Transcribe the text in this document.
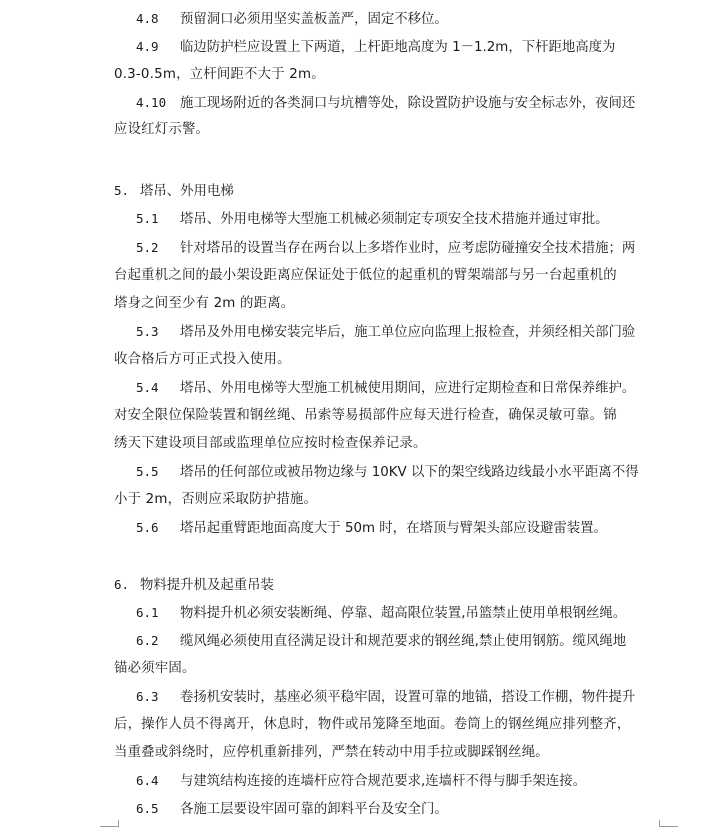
4.8 预留洞口必须用坚实盖板盖严，固定不移位。
4.9 临边防护栏应设置上下两道，上杆距地高度为 1－1.2m，下杆距地高度为
0.3-0.5m，立杆间距不大于 2m。
4.10 施工现场附近的各类洞口与坑槽等处，除设置防护设施与安全标志外，夜间还
应设红灯示警。
5. 塔吊、外用电梯
5.1 塔吊、外用电梯等大型施工机械必须制定专项安全技术措施并通过审批。
5.2 针对塔吊的设置当存在两台以上多塔作业时，应考虑防碰撞安全技术措施；两
台起重机之间的最小架设距离应保证处于低位的起重机的臂架端部与另一台起重机的
塔身之间至少有 2m 的距离。
5.3 塔吊及外用电梯安装完毕后，施工单位应向监理上报检查，并须经相关部门验
收合格后方可正式投入使用。
5.4 塔吊、外用电梯等大型施工机械使用期间，应进行定期检查和日常保养维护。
对安全限位保险装置和钢丝绳、吊索等易损部件应每天进行检查，确保灵敏可靠。锦
绣天下建设项目部或监理单位应按时检查保养记录。
5.5 塔吊的任何部位或被吊物边缘与 10KV 以下的架空线路边线最小水平距离不得
小于 2m，否则应采取防护措施。
5.6 塔吊起重臂距地面高度大于 50m 时，在塔顶与臂架头部应设避雷装置。
6. 物料提升机及起重吊装
6.1 物料提升机必须安装断绳、停靠、超高限位装置,吊篮禁止使用单根钢丝绳。
6.2 缆风绳必须使用直径满足设计和规范要求的钢丝绳,禁止使用钢筋。缆风绳地
锚必须牢固。
6.3 卷扬机安装时，基座必须平稳牢固，设置可靠的地锚，搭设工作棚，物件提升
后，操作人员不得离开，休息时，物件或吊笼降至地面。卷筒上的钢丝绳应排列整齐，
当重叠或斜绕时，应停机重新排列，严禁在转动中用手拉或脚踩钢丝绳。
6.4 与建筑结构连接的连墙杆应符合规范要求,连墙杆不得与脚手架连接。
6.5 各施工层要设牢固可靠的卸料平台及安全门。
